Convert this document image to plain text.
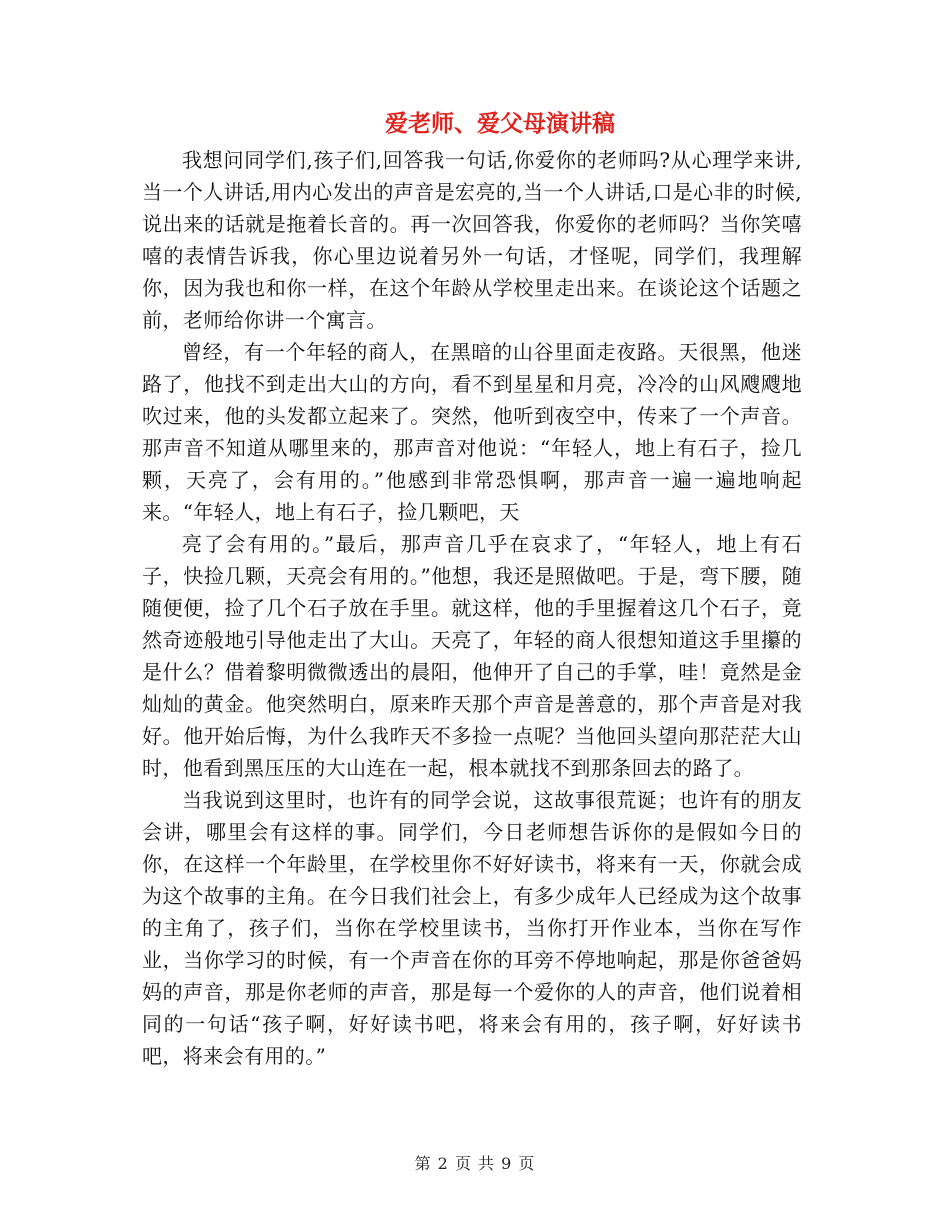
爱老师、爱父母演讲稿

我想问同学们,孩子们,回答我一句话,你爱你的老师吗?从心理学来讲,当一个人讲话,用内心发出的声音是宏亮的,当一个人讲话,口是心非的时候,说出来的话就是拖着长音的。再一次回答我，你爱你的老师吗？当你笑嘻嘻的表情告诉我，你心里边说着另外一句话，才怪呢，同学们，我理解你，因为我也和你一样，在这个年龄从学校里走出来。在谈论这个话题之前，老师给你讲一个寓言。

曾经，有一个年轻的商人，在黑暗的山谷里面走夜路。天很黑，他迷路了，他找不到走出大山的方向，看不到星星和月亮，冷冷的山风飕飕地吹过来，他的头发都立起来了。突然，他听到夜空中，传来了一个声音。那声音不知道从哪里来的，那声音对他说：“年轻人，地上有石子，捡几颗，天亮了，会有用的。”他感到非常恐惧啊，那声音一遍一遍地响起来。“年轻人，地上有石子，捡几颗吧，天

亮了会有用的。”最后，那声音几乎在哀求了，“年轻人，地上有石子，快捡几颗，天亮会有用的。”他想，我还是照做吧。于是，弯下腰，随随便便，捡了几个石子放在手里。就这样，他的手里握着这几个石子，竟然奇迹般地引导他走出了大山。天亮了，年轻的商人很想知道这手里攥的是什么？借着黎明微微透出的晨阳，他伸开了自己的手掌，哇！竟然是金灿灿的黄金。他突然明白，原来昨天那个声音是善意的，那个声音是对我好。他开始后悔，为什么我昨天不多捡一点呢？当他回头望向那茫茫大山时，他看到黑压压的大山连在一起，根本就找不到那条回去的路了。

当我说到这里时，也许有的同学会说，这故事很荒诞；也许有的朋友会讲，哪里会有这样的事。同学们，今日老师想告诉你的是假如今日的你，在这样一个年龄里，在学校里你不好好读书，将来有一天，你就会成为这个故事的主角。在今日我们社会上，有多少成年人已经成为这个故事的主角了，孩子们，当你在学校里读书，当你打开作业本，当你在写作业，当你学习的时候，有一个声音在你的耳旁不停地响起，那是你爸爸妈妈的声音，那是你老师的声音，那是每一个爱你的人的声音，他们说着相同的一句话“孩子啊，好好读书吧，将来会有用的，孩子啊，好好读书吧，将来会有用的。”

第 2 页 共 9 页
